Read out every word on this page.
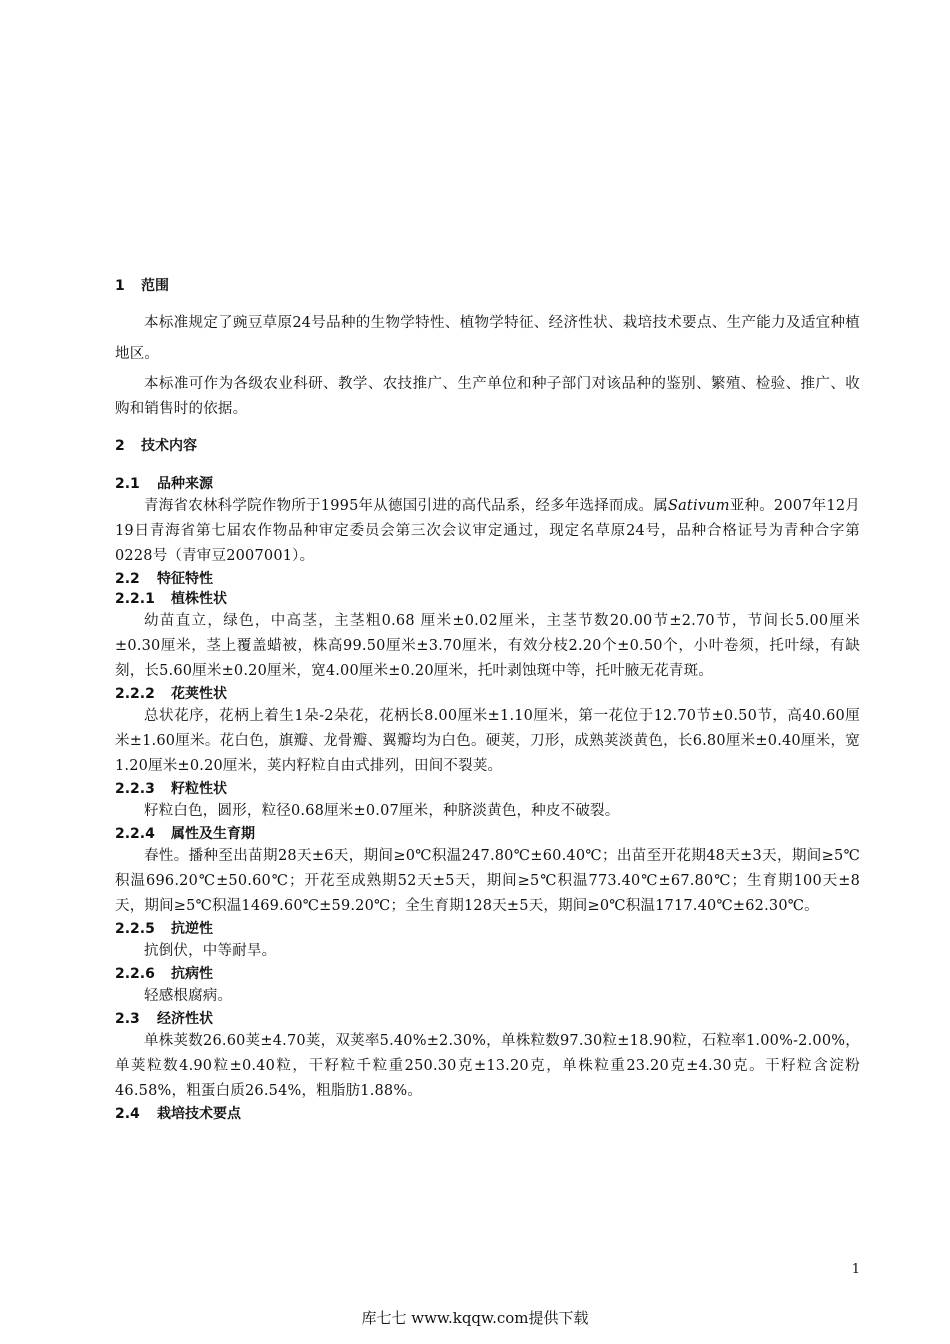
1 范围

本标准规定了豌豆草原24号品种的生物学特性、植物学特征、经济性状、栽培技术要点、生产能力及适宜种植地区。

本标准可作为各级农业科研、教学、农技推广、生产单位和种子部门对该品种的鉴别、繁殖、检验、推广、收购和销售时的依据。

2 技术内容
2.1 品种来源

青海省农林科学院作物所于1995年从德国引进的高代品系，经多年选择而成。属Sativum亚种。2007年12月19日青海省第七届农作物品种审定委员会第三次会议审定通过，现定名草原24号，品种合格证号为青种合字第0228号（青审豆2007001）。

2.2 特征特性
2.2.1 植株性状

幼苗直立，绿色，中高茎，主茎粗0.68 厘米±0.02厘米，主茎节数20.00节±2.70节，节间长5.00厘米±0.30厘米，茎上覆盖蜡被，株高99.50厘米±3.70厘米，有效分枝2.20个±0.50个，小叶卷须，托叶绿，有缺刻，长5.60厘米±0.20厘米，宽4.00厘米±0.20厘米，托叶剥蚀斑中等，托叶腋无花青斑。

2.2.2 花荚性状

总状花序，花柄上着生1朵-2朵花，花柄长8.00厘米±1.10厘米，第一花位于12.70节±0.50节，高40.60厘米±1.60厘米。花白色，旗瓣、龙骨瓣、翼瓣均为白色。硬荚，刀形，成熟荚淡黄色，长6.80厘米±0.40厘米，宽1.20厘米±0.20厘米，荚内籽粒自由式排列，田间不裂荚。

2.2.3 籽粒性状

籽粒白色，圆形，粒径0.68厘米±0.07厘米，种脐淡黄色，种皮不破裂。

2.2.4 属性及生育期

春性。播种至出苗期28天±6天，期间≥0℃积温247.80℃±60.40℃；出苗至开花期48天±3天，期间≥5℃积温696.20℃±50.60℃；开花至成熟期52天±5天，期间≥5℃积温773.40℃±67.80℃；生育期100天±8天，期间≥5℃积温1469.60℃±59.20℃；全生育期128天±5天，期间≥0℃积温1717.40℃±62.30℃。

2.2.5 抗逆性

抗倒伏，中等耐旱。

2.2.6 抗病性

轻感根腐病。

2.3 经济性状

单株荚数26.60荚±4.70荚，双荚率5.40%±2.30%，单株粒数97.30粒±18.90粒，石粒率1.00%-2.00%，单荚粒数4.90粒±0.40粒，干籽粒千粒重250.30克±13.20克，单株粒重23.20克±4.30克。干籽粒含淀粉46.58%，粗蛋白质26.54%，粗脂肪1.88%。

2.4 栽培技术要点
1
库七七 www.kqqw.com提供下载
